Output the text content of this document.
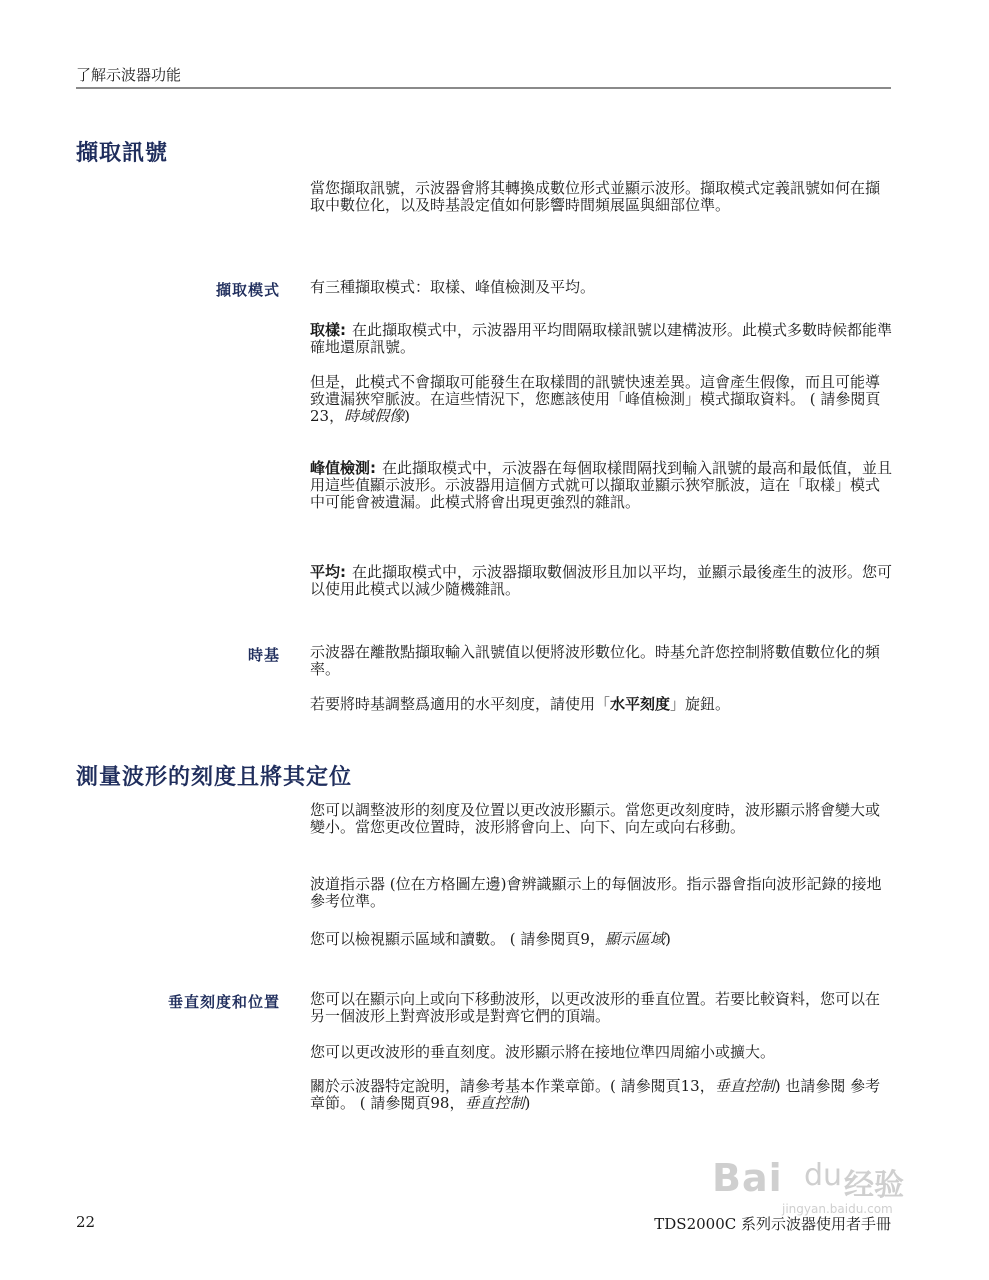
了解示波器功能
擷取訊號
當您擷取訊號，示波器會將其轉換成數位形式並顯示波形。擷取模式定義訊號如何在擷取中數位化，以及時基設定值如何影響時間頻展區與細部位準。
擷取模式 有三種擷取模式：取樣、峰值檢測及平均。
取樣: 在此擷取模式中，示波器用平均間隔取樣訊號以建構波形。此模式多數時候都能準確地還原訊號。
但是，此模式不會擷取可能發生在取樣間的訊號快速差異。這會產生假像，而且可能導致遺漏狹窄脈波。在這些情況下，您應該使用「峰值檢測」模式擷取資料。 ( 請參閱頁23，時域假像)
峰值檢測: 在此擷取模式中，示波器在每個取樣間隔找到輸入訊號的最高和最低值，並且用這些值顯示波形。示波器用這個方式就可以擷取並顯示狹窄脈波，這在「取樣」模式中可能會被遺漏。此模式將會出現更強烈的雜訊。
平均: 在此擷取模式中，示波器擷取數個波形且加以平均，並顯示最後產生的波形。您可以使用此模式以減少隨機雜訊。
時基 示波器在離散點擷取輸入訊號值以便將波形數位化。時基允許您控制將數值數位化的頻率。
若要將時基調整爲適用的水平刻度，請使用「水平刻度」旋鈕。
測量波形的刻度且將其定位
您可以調整波形的刻度及位置以更改波形顯示。當您更改刻度時，波形顯示將會變大或變小。當您更改位置時，波形將會向上、向下、向左或向右移動。
波道指示器 (位在方格圖左邊)會辨識顯示上的每個波形。指示器會指向波形記錄的接地參考位準。
您可以檢視顯示區域和讀數。 ( 請參閱頁9，顯示區域)
垂直刻度和位置 您可以在顯示向上或向下移動波形，以更改波形的垂直位置。若要比較資料，您可以在另一個波形上對齊波形或是對齊它們的頂端。
您可以更改波形的垂直刻度。波形顯示將在接地位準四周縮小或擴大。
關於示波器特定說明，請參考基本作業章節。( 請參閱頁13，垂直控制) 也請參閱 參考章節。 ( 請參閱頁98，垂直控制)
Bai du 经验
jingyan.baidu.com
22	TDS2000C 系列示波器使用者手冊
